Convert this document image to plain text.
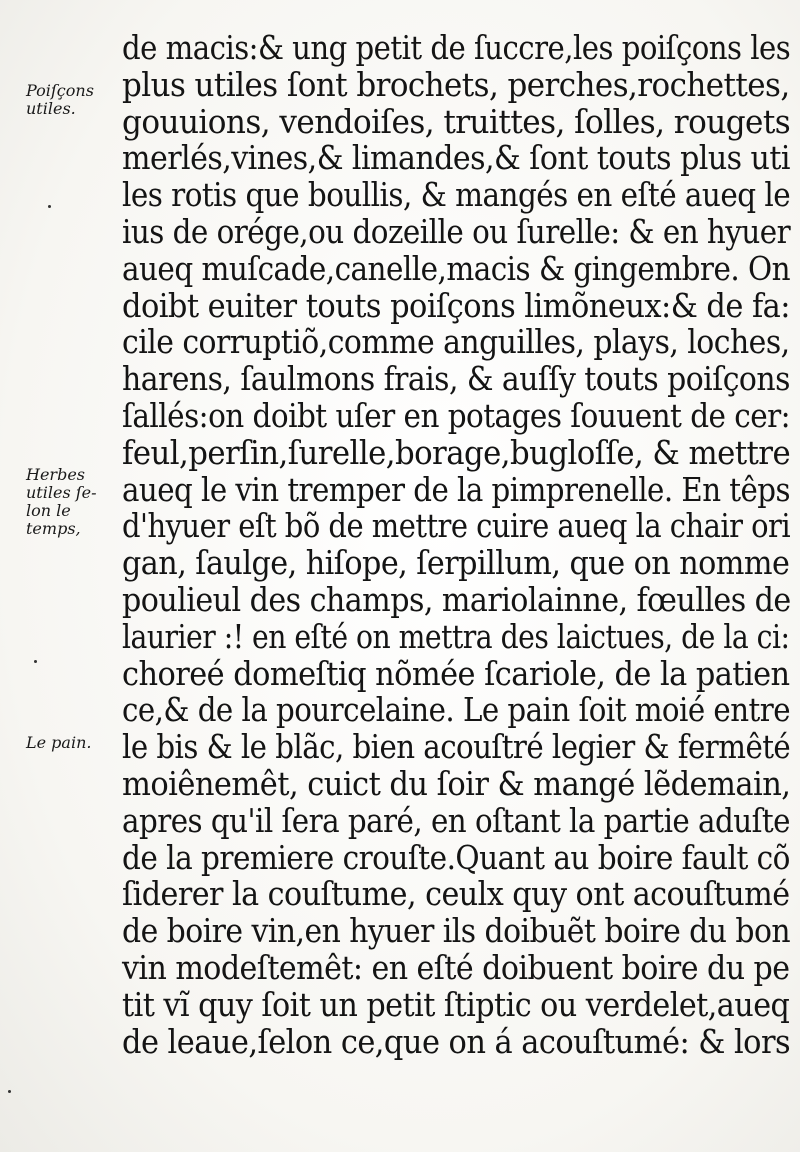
Poiſçons
utiles.
Herbes
utiles ſe-
lon le
temps,
Le pain.
de macis:& ung petit de ſuccre,les poiſçons les
plus utiles ſont brochets, perches,rochettes,
gouuions, vendoiſes, truittes, ſolles, rougets
merlés,vines,& limandes,& ſont touts plus uti
les rotis que boullis, & mangés en eſté aueq le
ius de orége,ou dozeille ou ſurelle: & en hyuer
aueq muſcade,canelle,macis & gingembre. On
doibt euiter touts poiſçons limõneux:& de fa:
cile corruptiõ,comme anguilles, plays, loches,
harens, ſaulmons frais, & auſſy touts poiſçons
ſallés:on doibt uſer en potages ſouuent de cer:
feul,perſin,ſurelle,borage,bugloſſe, & mettre
aueq le vin tremper de la pimprenelle. En têps
d'hyuer eſt bõ de mettre cuire aueq la chair ori
gan, ſaulge, hiſope, ſerpillum, que on nomme
poulieul des champs, mariolainne, fœulles de
laurier :! en eſté on mettra des laictues, de la ci:
choreé domeſtiq nõmée ſcariole, de la patien
ce,& de la pourcelaine. Le pain ſoit moié entre
le bis & le blãc, bien acouſtré legier & fermêté
moiênemêt, cuict du ſoir & mangé lẽdemain,
apres qu'il ſera paré, en oſtant la partie aduſte
de la premiere crouſte.Quant au boire fault cõ
ſiderer la couſtume, ceulx quy ont acouſtumé
de boire vin,en hyuer ils doibuẽt boire du bon
vin modeſtemêt: en eſté doibuent boire du pe
tit vĩ quy ſoit un petit ſtiptic ou verdelet,aueq
de leaue,ſelon ce,que on á acouſtumé: & lors
